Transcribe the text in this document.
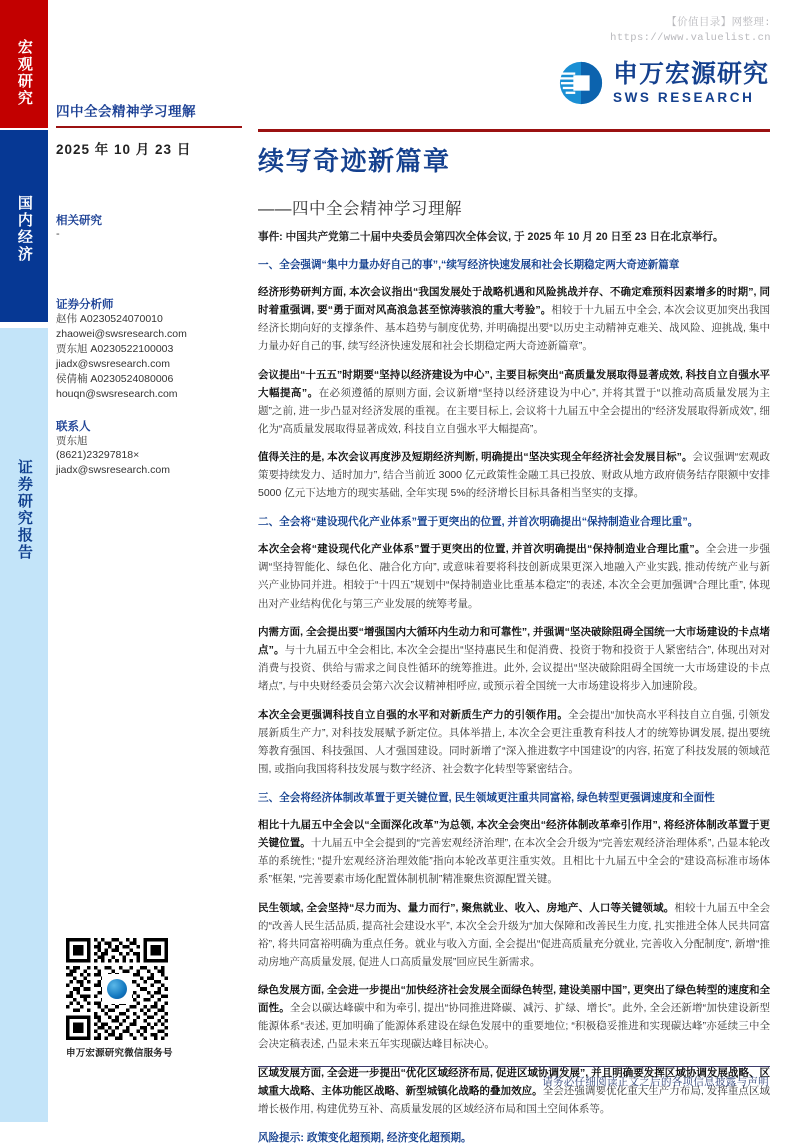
宏观研究
国内经济
证券研究报告
四中全会精神学习理解
2025 年 10 月 23 日
相关研究
-
证券分析师
赵伟 A0230524070010
zhaowei@swsresearch.com
贾东旭 A0230522100003
jiadx@swsresearch.com
侯倩楠 A0230524080006
houqn@swsresearch.com
联系人
贾东旭
(8621)23297818×
jiadx@swsresearch.com
申万宏源研究微信服务号
【价值目录】网整理:
https://www.valuelist.cn
申万宏源研究
SWS RESEARCH
续写奇迹新篇章
——四中全会精神学习理解
事件: 中国共产党第二十届中央委员会第四次全体会议, 于 2025 年 10 月 20 日至 23 日在北京举行。
一、全会强调“集中力量办好自己的事”,“续写经济快速发展和社会长期稳定两大奇迹新篇章

经济形势研判方面, 本次会议指出“我国发展处于战略机遇和风险挑战并存、不确定难预料因素增多的时期”, 同时着重强调, 要“勇于面对风高浪急甚至惊涛骇浪的重大考验”。相较于十九届五中全会, 本次会议更加突出我国经济长期向好的支撑条件、基本趋势与制度优势, 并明确提出要“以历史主动精神克难关、战风险、迎挑战, 集中力量办好自己的事, 续写经济快速发展和社会长期稳定两大奇迹新篇章”。

会议提出“十五五”时期要“坚持以经济建设为中心”, 主要目标突出“高质量发展取得显著成效, 科技自立自强水平大幅提高”。在必须遵循的原则方面, 会议新增“坚持以经济建设为中心”, 并将其置于“以推动高质量发展为主题”之前, 进一步凸显对经济发展的重视。在主要目标上, 会议将十九届五中全会提出的“经济发展取得新成效”, 细化为“高质量发展取得显著成效, 科技自立自强水平大幅提高”。

值得关注的是, 本次会议再度涉及短期经济判断, 明确提出“坚决实现全年经济社会发展目标”。会议强调“宏观政策要持续发力、适时加力”, 结合当前近 3000 亿元政策性金融工具已投放、财政从地方政府债务结存限额中安排 5000 亿元下达地方的现实基础, 全年实现 5%的经济增长目标具备相当坚实的支撑。

二、全会将“建设现代化产业体系”置于更突出的位置, 并首次明确提出“保持制造业合理比重”。

本次全会将“建设现代化产业体系”置于更突出的位置, 并首次明确提出“保持制造业合理比重”。全会进一步强调“坚持智能化、绿色化、融合化方向”, 或意味着要将科技创新成果更深入地融入产业实践, 推动传统产业与新兴产业协同并进。相较于“十四五”规划中“保持制造业比重基本稳定”的表述, 本次全会更加强调“合理比重”, 体现出对产业结构优化与第三产业发展的统筹考量。

内需方面, 全会提出要“增强国内大循环内生动力和可靠性”, 并强调“坚决破除阻碍全国统一大市场建设的卡点堵点”。与十九届五中全会相比, 本次全会提出“坚持惠民生和促消费、投资于物和投资于人紧密结合”, 体现出对对消费与投资、供给与需求之间良性循环的统筹推进。此外, 会议提出“坚决破除阻碍全国统一大市场建设的卡点堵点”, 与中央财经委员会第六次会议精神相呼应, 或预示着全国统一大市场建设将步入加速阶段。

本次全会更强调科技自立自强的水平和对新质生产力的引领作用。全会提出“加快高水平科技自立自强, 引领发展新质生产力”, 对科技发展赋予新定位。具体举措上, 本次全会更注重教育科技人才的统筹协调发展, 提出要统筹教育强国、科技强国、人才强国建设。同时新增了“深入推进数字中国建设”的内容, 拓宽了科技发展的领域范围, 或指向我国将科技发展与数字经济、社会数字化转型等紧密结合。

三、全会将经济体制改革置于更关键位置, 民生领域更注重共同富裕, 绿色转型更强调速度和全面性

相比十九届五中全会以“全面深化改革”为总领, 本次全会突出“经济体制改革牵引作用”, 将经济体制改革置于更关键位置。十九届五中全会提到的“完善宏观经济治理”, 在本次全会升级为“完善宏观经济治理体系”, 凸显本轮改革的系统性; “提升宏观经济治理效能”指向本轮改革更注重实效。且相比十九届五中全会的“建设高标准市场体系”框架, “完善要素市场化配置体制机制”精准聚焦资源配置关键。

民生领域, 全会坚持“尽力而为、量力而行”, 聚焦就业、收入、房地产、人口等关键领域。相较十九届五中全会的“改善人民生活品质, 提高社会建设水平”, 本次全会升级为“加大保障和改善民生力度, 扎实推进全体人民共同富裕”, 将共同富裕明确为重点任务。就业与收入方面, 全会提出“促进高质量充分就业, 完善收入分配制度”, 新增“推动房地产高质量发展, 促进人口高质量发展”回应民生新需求。

绿色发展方面, 全会进一步提出“加快经济社会发展全面绿色转型, 建设美丽中国”, 更突出了绿色转型的速度和全面性。全会以碳达峰碳中和为牵引, 提出“协同推进降碳、减污、扩绿、增长”。此外, 全会还新增“加快建设新型能源体系“表述, 更加明确了能源体系建设在绿色发展中的重要地位; “积极稳妥推进和实现碳达峰”亦延续三中全会决定稿表述, 凸显未来五年实现碳达峰目标决心。

区域发展方面, 全会进一步提出“优化区域经济布局, 促进区域协调发展”, 并且明确要发挥区域协调发展战略、区域重大战略、主体功能区战略、新型城镇化战略的叠加效应。全会还强调要优化重大生产力布局, 发挥重点区域增长极作用, 构建优势互补、高质量发展的区域经济布局和国土空间体系等。

风险提示: 政策变化超预期, 经济变化超预期。
请务必仔细阅读正文之后的各项信息披露与声明
